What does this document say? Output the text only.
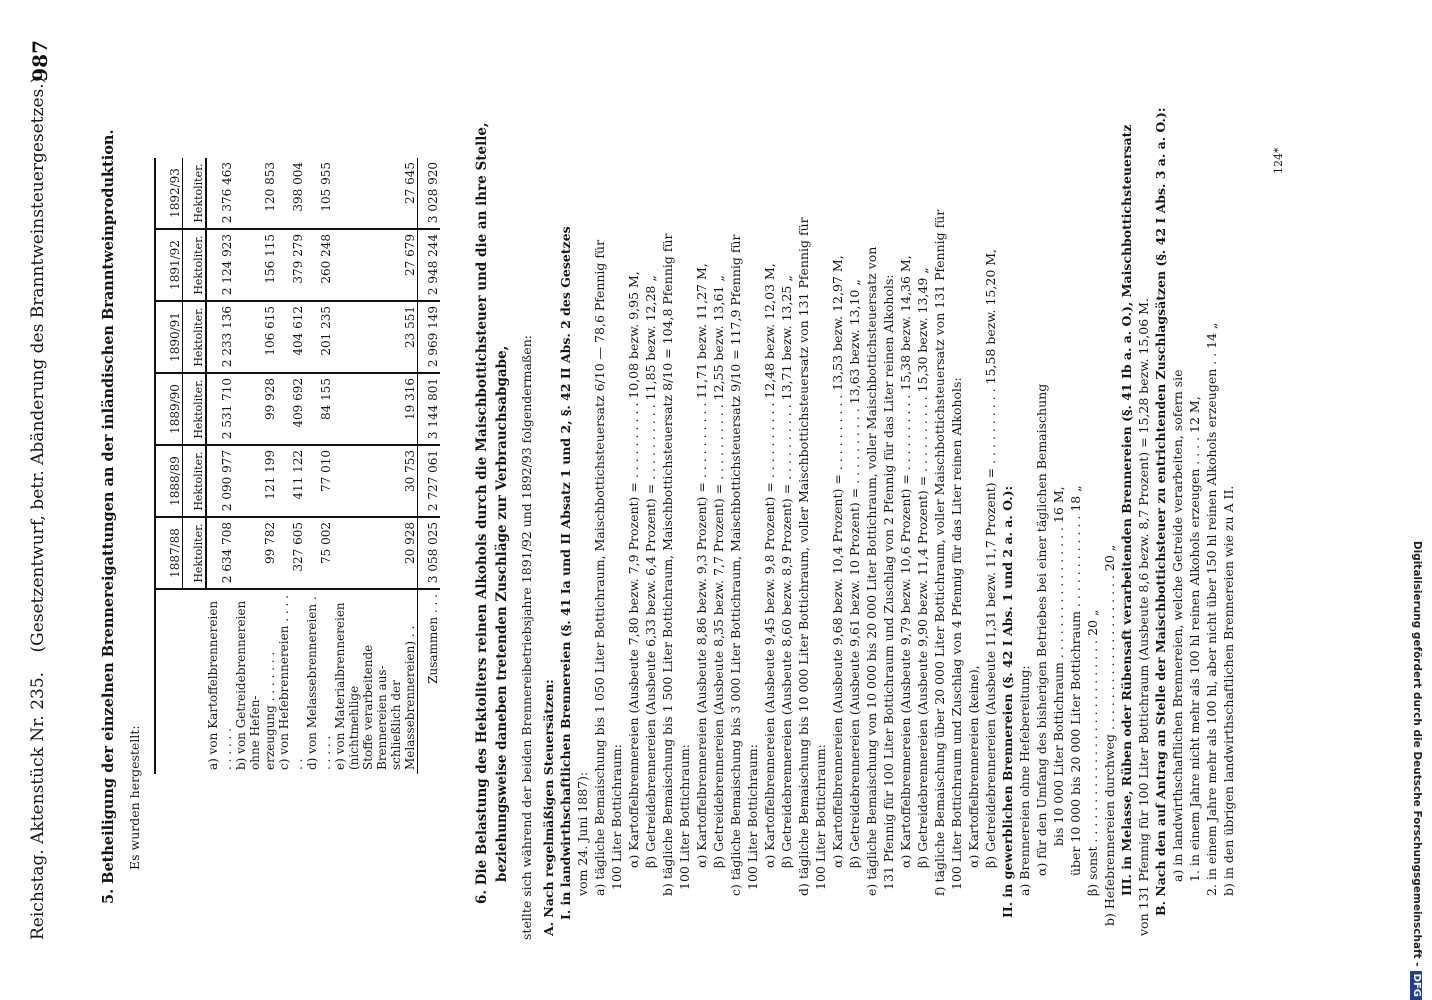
Reichstag. Aktenstück Nr. 235. (Gesetzentwurf, betr. Abänderung des Branntweinsteuergesetzes.)
987
5. Betheiligung der einzelnen Brennereigattungen an der inländischen Branntweinproduktion. Es wurden hergestellt:
	1887/88	1888/89	1889/90	1890/91	1891/92	1892/93
	Hektoliter.	Hektoliter.	Hektoliter.	Hektoliter.	Hektoliter.	Hektoliter.
a) von Kartoffelbrennereien . . . . . .	2 634 708	2 090 977	2 531 710	2 233 136	2 124 923	2 376 463
b) von Getreidebrennereien ohne Hefen-						
erzeugung . . . . . . .	99 782	121 199	99 928	106 615	156 115	120 853
c) von Hefebrennereien . . . . . .	327 605	411 122	409 692	404 612	379 279	398 004
d) von Melassebrennereien . . . . . .	75 002	77 010	84 155	201 235	260 248	105 955
e) von Materialbrennereien (nichtmehlige						
Stoffe verarbeitende Brennereien aus-						
schließlich der Melassebrennereien) . .	20 928	30 753	19 316	23 551	27 679	27 645
Zusammen . . .	3 058 025	2 727 061	3 144 801	2 969 149	2 948 244	3 028 920	6. Die Belastung des Hektoliters reinen Alkohols durch die Maischbottichsteuer und die an ihre Stelle, beziehungsweise daneben tretenden Zuschläge zur Verbrauchsabgabe, stellte sich während der beiden Brennereibetriebsjahre 1891/92 und 1892/93 folgendermaßen: A. Nach regelmäßigen Steuersätzen: I. in landwirthschaftlichen Brennereien (§. 41 Ia und II Absatz 1 und 2, §. 42 II Abs. 2 des Gesetzes vom 24. Juni 1887): a) tägliche Bemaischung bis 1 050 Liter Bottichraum, Maischbottichsteuersatz 6/10 — 78,6 Pfennig für 100 Liter Bottichraum: α) Kartoffelbrennereien (Ausbeute 7,80 bezw. 7,9 Prozent) = . . . . . . . . . . 10,08 bezw. 9,95 M, β) Getreidebrennereien (Ausbeute 6,33 bezw. 6,4 Prozent) = . . . . . . . . . . 11,85 bezw. 12,28 „ b) tägliche Bemaischung bis 1 500 Liter Bottichraum, Maischbottichsteuersatz 8/10 = 104,8 Pfennig für 100 Liter Bottichraum: α) Kartoffelbrennereien (Ausbeute 8,86 bezw. 9,3 Prozent) = . . . . . . . . . . 11,71 bezw. 11,27 M, β) Getreidebrennereien (Ausbeute 8,35 bezw. 7,7 Prozent) = . . . . . . . . . . 12,55 bezw. 13,61 „ c) tägliche Bemaischung bis 3 000 Liter Bottichraum, Maischbottichsteuersatz 9/10 = 117,9 Pfennig für 100 Liter Bottichraum: α) Kartoffelbrennereien (Ausbeute 9,45 bezw. 9,8 Prozent) = . . . . . . . . . . 12,48 bezw. 12,03 M, β) Getreidebrennereien (Ausbeute 8,60 bezw. 8,9 Prozent) = . . . . . . . . . . 13,71 bezw. 13,25 „ d) tägliche Bemaischung bis 10 000 Liter Bottichraum, voller Maischbottichsteuersatz von 131 Pfennig für 100 Liter Bottichraum: α) Kartoffelbrennereien (Ausbeute 9,68 bezw. 10,4 Prozent) = . . . . . . . . . . 13,53 bezw. 12,97 M, β) Getreidebrennereien (Ausbeute 9,61 bezw. 10 Prozent) = . . . . . . . . . . 13,63 bezw. 13,10 „ e) tägliche Bemaischung von 10 000 bis 20 000 Liter Bottichraum, voller Maischbottichsteuersatz von 131 Pfennig für 100 Liter Bottichraum und Zuschlag von 2 Pfennig für das Liter reinen Alkohols: α) Kartoffelbrennereien (Ausbeute 9,79 bezw. 10,6 Prozent) = . . . . . . . . . . 15,38 bezw. 14,36 M, β) Getreidebrennereien (Ausbeute 9,90 bezw. 11,4 Prozent) = . . . . . . . . . . 15,30 bezw. 13,49 „ f) tägliche Bemaischung über 20 000 Liter Bottichraum, voller Maischbottichsteuersatz von 131 Pfennig für 100 Liter Bottichraum und Zuschlag von 4 Pfennig für das Liter reinen Alkohols: α) Kartoffelbrennereien (keine), β) Getreidebrennereien (Ausbeute 11,31 bezw. 11,7 Prozent) = . . . . . . . . . . 15,58 bezw. 15,20 M, II. in gewerblichen Brennereien (§. 42 I Abs. 1 und 2 a. a. O.): a) Brennereien ohne Hefebereitung: α) für den Umfang des bisherigen Betriebes bei einer täglichen Bemaischung bis 10 000 Liter Bottichraum . . . . . . . . . . . . . . . . . 16 M, über 10 000 bis 20 000 Liter Bottichraum . . . . . . . . . . . . 18 „ β) sonst . . . . . . . . . . . . . . . . . . . . . . . . . . 20 „ b) Hefebrennereien durchweg . . . . . . . . . . . . . . . . . . . . 20 „ III. in Melasse, Rüben oder Rübensaft verarbeitenden Brennereien (§. 41 Ib a. a. O.), Maischbottichsteuersatz von 131 Pfennig für 100 Liter Bottichraum (Ausbeute 8,6 bezw. 8,7 Prozent) = 15,28 bezw. 15,06 M. B. Nach den auf Antrag an Stelle der Maischbottichsteuer zu entrichtenden Zuschlagsätzen (§. 42 I Abs. 3 a. a. O.): a) in landwirthschaftlichen Brennereien, welche Getreide verarbeiten, sofern sie 1. in einem Jahre nicht mehr als 100 hl reinen Alkohols erzeugen . . . . 12 M, 2. in einem Jahre mehr als 100 hl, aber nicht über 150 hl reinen Alkohols erzeugen . . 14 „ b) in den übrigen landwirthschaftlichen Brennereien wie zu A II.
124*
Digitalisierung gefördert durch die Deutsche Forschungsgemeinschaft -DFG
